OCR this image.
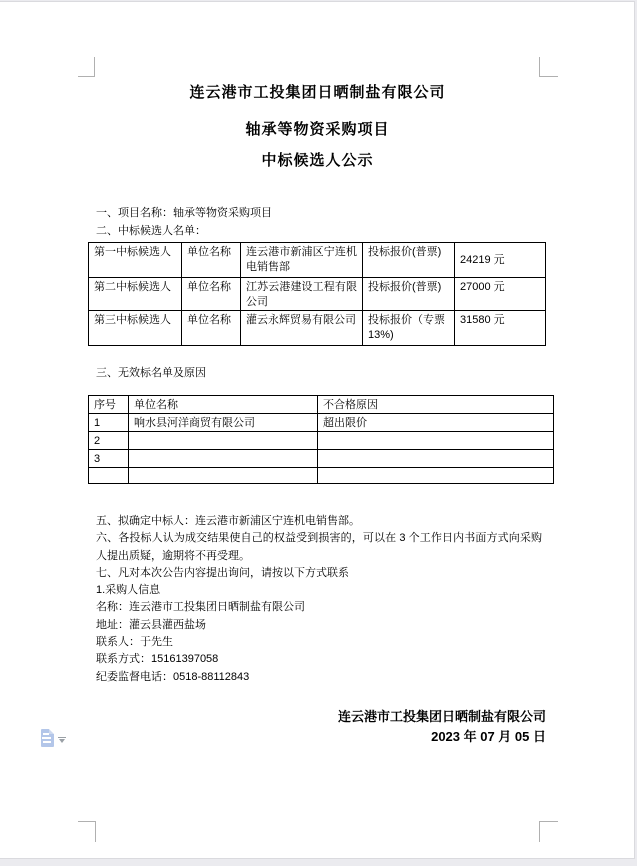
连云港市工投集团日晒制盐有限公司
轴承等物资采购项目
中标候选人公示
一、项目名称：轴承等物资采购项目
二、中标候选人名单：
第一中标候选人	单位名称	连云港市新浦区宁连机电销售部	投标报价(普票)	24219 元
第二中标候选人	单位名称	江苏云港建设工程有限公司	投标报价(普票)	27000 元
第三中标候选人	单位名称	灌云永辉贸易有限公司	投标报价（专票 13%)	31580 元
三、无效标名单及原因
序号	单位名称	不合格原因
1	响水县河洋商贸有限公司	超出限价
2		
3		

五、拟确定中标人：连云港市新浦区宁连机电销售部。
六、各投标人认为成交结果使自己的权益受到损害的，可以在 3 个工作日内书面方式向采购人提出质疑，逾期将不再受理。
七、凡对本次公告内容提出询问，请按以下方式联系
1.采购人信息
名称：连云港市工投集团日晒制盐有限公司
地址：灌云县灌西盐场
联系人：于先生
联系方式：15161397058
纪委监督电话：0518-88112843
连云港市工投集团日晒制盐有限公司
2023 年 07 月 05 日
